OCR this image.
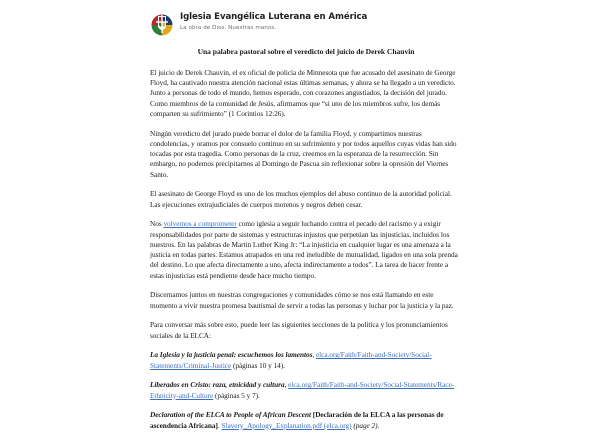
Iglesia Evangélica Luterana en América
La obra de Dios. Nuestras manos.
Una palabra pastoral sobre el veredicto del juicio de Derek Chauvin

El juicio de Derek Chauvin, el ex oficial de policía de Minnesota que fue acusado del asesinato de George Floyd, ha cautivado nuestra atención nacional estas últimas semanas, y ahora se ha llegado a un veredicto. Junto a personas de todo el mundo, hemos esperado, con corazones angustiados, la decisión del jurado. Como miembros de la comunidad de Jesús, afirmamos que “si uno de los miembros sufre, los demás comparten su sufrimiento” (1 Corintios 12:26).

Ningún veredicto del jurado puede borrar el dolor de la familia Floyd, y compartimos nuestras condolencias, y oramos por consuelo continuo en su sufrimiento y por todos aquellos cuyas vidas han sido tocadas por esta tragedia. Como personas de la cruz, creemos en la esperanza de la resurrección. Sin embargo, no podemos precipitarnos al Domingo de Pascua sin reflexionar sobre la opresión del Viernes Santo.

El asesinato de George Floyd es uno de los muchos ejemplos del abuso continuo de la autoridad policial. Las ejecuciones extrajudiciales de cuerpos morenos y negros deben cesar.

Nos volvemos a comprometer como iglesia a seguir luchando contra el pecado del racismo y a exigir responsabilidades por parte de sistemas y estructuras injustos que perpetúan las injusticias, incluidos los nuestros. En las palabras de Martin Luther King Jr: “La injusticia en cualquier lugar es una amenaza a la justicia en todas partes. Estamos atrapados en una red ineludible de mutualidad, ligados en una sola prenda del destino. Lo que afecta directamente a uno, afecta indirectamente a todos”. La tarea de hacer frente a estas injusticias está pendiente desde hace mucho tiempo.

Discernamos juntos en nuestras congregaciones y comunidades cómo se nos está llamando en este momento a vivir nuestra promesa bautismal de servir a todas las personas y luchar por la justicia y la paz.

Para conversar más sobre esto, puede leer las siguientes secciones de la política y los pronunciamientos sociales de la ELCA:

La Iglesia y la justicia penal: escuchemos los lamentos, elca.org/Faith/Faith-and-Society/Social-Statements/Criminal-Justice (páginas 10 y 14).

Liberados en Cristo: raza, etnicidad y cultura, elca.org/Faith/Faith-and-Society/Social-Statements/Race-Ethnicity-and-Culture (páginas 5 y 7).

Declaration of the ELCA to People of African Descent [Declaración de la ELCA a las personas de ascendencia Africana]. Slavery_Apology_Explanation.pdf (elca.org) (page 2).
